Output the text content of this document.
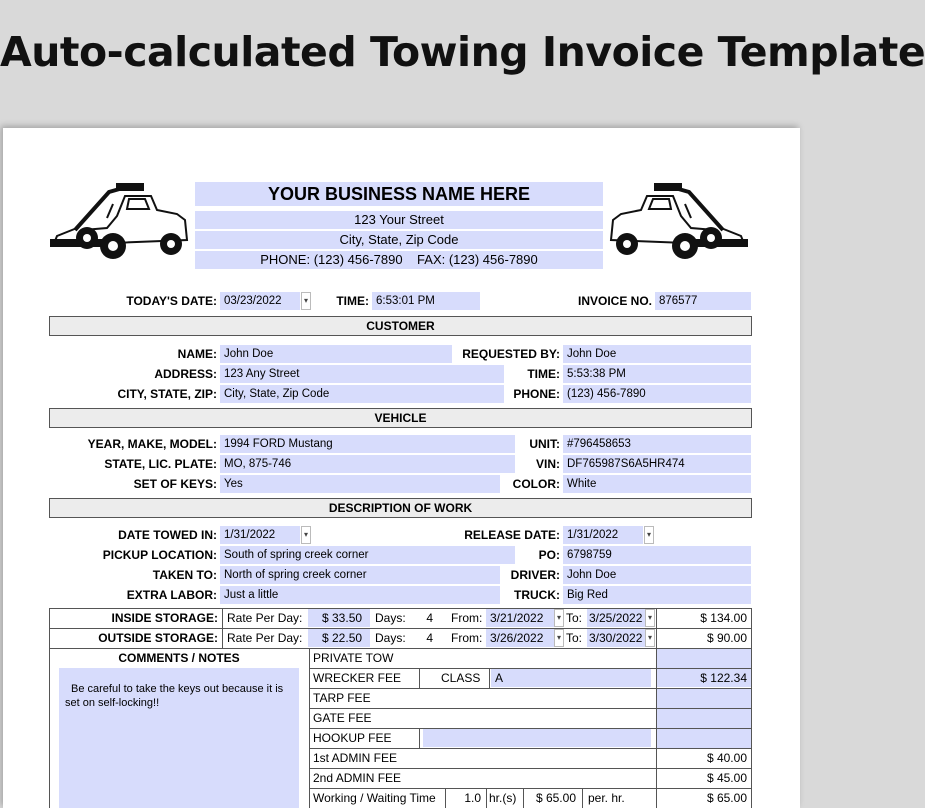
Auto-calculated Towing Invoice Template
YOUR BUSINESS NAME HERE
123 Your Street
City, State, Zip Code
PHONE: (123) 456-7890    FAX: (123) 456-7890
TODAY'S DATE: 03/23/2022	▾	TIME: 6:53:01 PM	INVOICE NO. 876577
CUSTOMER
NAME: John Doe	REQUESTED BY: John Doe
ADDRESS: 123 Any Street	TIME: 5:53:38 PM
CITY, STATE, ZIP: City, State, Zip Code	PHONE: (123) 456-7890
VEHICLE
YEAR, MAKE, MODEL: 1994 FORD Mustang	UNIT: #796458653
STATE, LIC. PLATE: MO, 875-746	VIN: DF765987S6A5HR474
SET OF KEYS: Yes	COLOR: White
DESCRIPTION OF WORK
DATE TOWED IN: 1/31/2022	▾	RELEASE DATE: 1/31/2022	▾
PICKUP LOCATION: South of spring creek corner	PO: 6798759
TAKEN TO: North of spring creek corner	DRIVER: John Doe
EXTRA LABOR: Just a little	TRUCK: Big Red
INSIDE STORAGE: Rate Per Day:	$ 33.50	Days:	4	From: 3/21/2022	▾ To: 3/25/2022 ▾	$ 134.00
OUTSIDE STORAGE: Rate Per Day:	$ 22.50	Days:	4	From: 3/26/2022	▾ To: 3/30/2022 ▾	$ 90.00
COMMENTS / NOTES
Be careful to take the keys out because it is set on self-locking!!
PRIVATE TOW
WRECKER FEE	CLASS	A	$ 122.34
TARP FEE
GATE FEE
HOOKUP FEE
1st ADMIN FEE	$ 40.00
2nd ADMIN FEE	$ 45.00
Working / Waiting Time	1.0 hr.(s)	$ 65.00	per. hr.	$ 65.00
